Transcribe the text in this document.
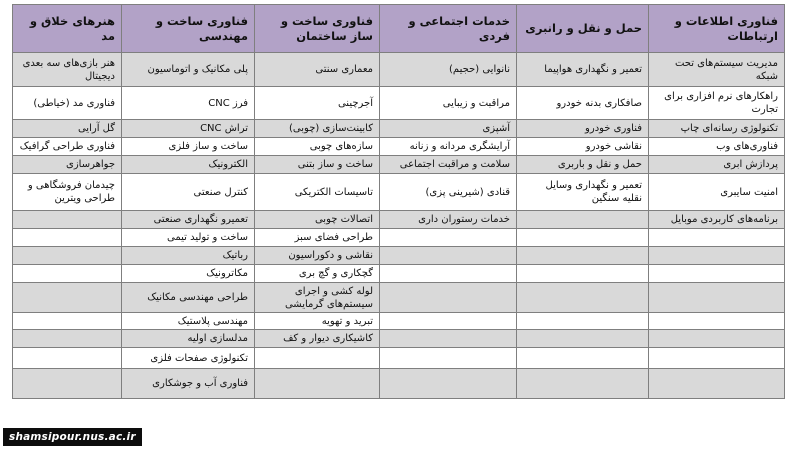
فناوری اطلاعات و ارتباطات	حمل و نقل و رانبری	خدمات اجتماعی و فردی	فناوری ساخت و ساز ساختمان	فناوری ساخت و مهندسی	هنرهای خلاق و مد
مدیریت سیستم‌های تحت شبکه	تعمیر و نگهداری هواپیما	نانوایی (حجیم)	معماری سنتی	پلی مکانیک و اتوماسیون	هنر بازی‌های سه بعدی دیجیتال
راهکارهای نرم افزاری برای تجارت	صافکاری بدنه خودرو	مراقبت و زیبایی	آجرچینی	فرز CNC	فناوری مد (خیاطی)
تکنولوژی رسانه‌ای چاپ	فناوری خودرو	آشپزی	کابینت‌سازی (چوبی)	تراش CNC	گل آرایی
فناوری‌های وب	نقاشی خودرو	آرایشگری مردانه و زنانه	سازه‌های چوبی	ساخت و ساز فلزی	فناوری طراحی گرافیک
پردازش ابری	حمل و نقل و باربری	سلامت و مراقبت اجتماعی	ساخت و ساز بتنی	الکترونیک	جواهرسازی
امنیت سایبری	تعمیر و نگهداری وسایل نقلیه سنگین	قنادی (شیرینی پزی)	تاسیسات الکتریکی	کنترل صنعتی	چیدمان فروشگاهی و طراحی ویترین
برنامه‌های کاربردی موبایل		خدمات رستوران داری	اتصالات چوبی	تعمیرو نگهداری صنعتی	
			طراحی فضای سبز	ساخت و تولید تیمی	
			نقاشی و دکوراسیون	رباتیک	
			گچکاری و گچ بری	مکاترونیک	
			لوله کشی و اجرای سیستم‌های گرمایشی	طراحی مهندسی مکانیک	
			تبرید و تهویه	مهندسی پلاستیک	
			کاشیکاری دیوار و کف	مدلسازی اولیه	
				تکنولوژی صفحات فلزی	
				فناوری آب و جوشکاری	
shamsipour.nus.ac.ir
